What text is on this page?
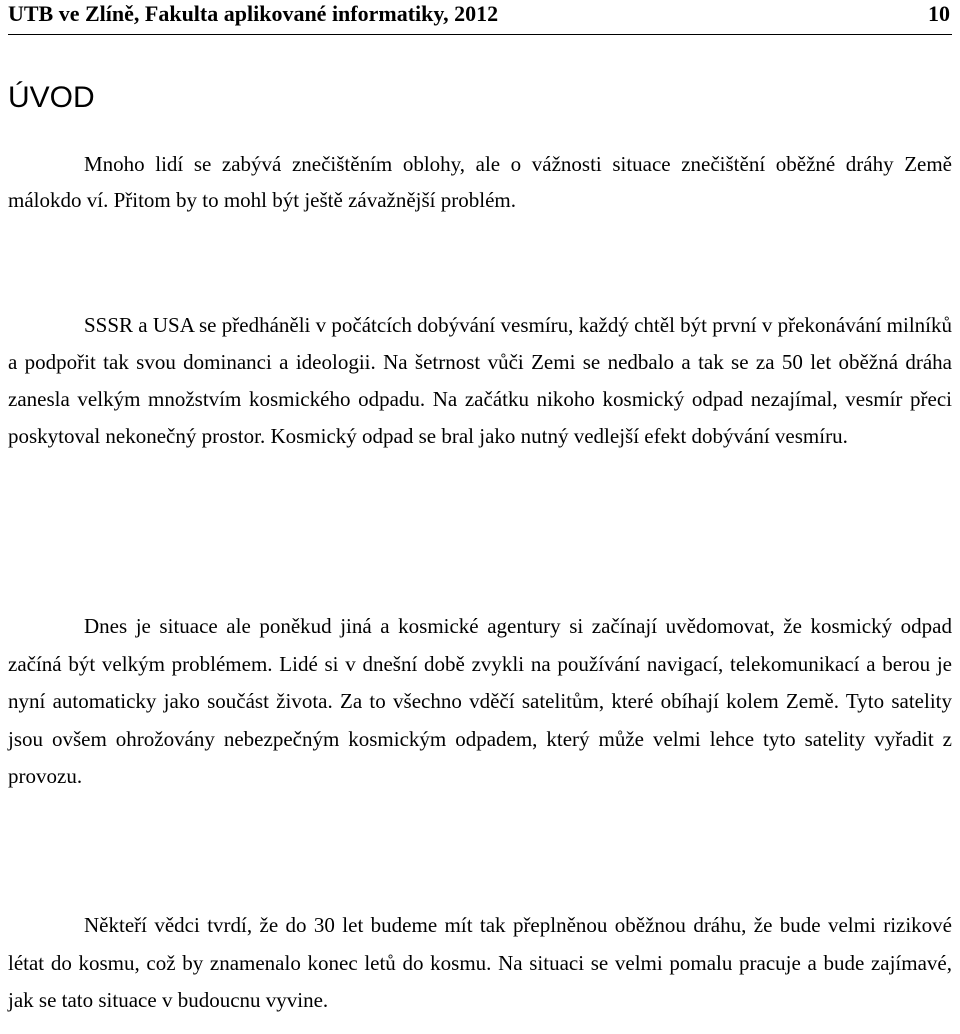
UTB ve Zlíně, Fakulta aplikované informatiky, 2012	10
ÚVOD

Mnoho lidí se zabývá znečištěním oblohy, ale o vážnosti situace znečištění oběžné dráhy Země málokdo ví. Přitom by to mohl být ještě závažnější problém.

SSSR a USA se předháněli v počátcích dobývání vesmíru, každý chtěl být první v překonávání milníků a podpořit tak svou dominanci a ideologii. Na šetrnost vůči Zemi se nedbalo a tak se za 50 let oběžná dráha zanesla velkým množstvím kosmického odpadu. Na začátku nikoho kosmický odpad nezajímal, vesmír přeci poskytoval nekonečný prostor. Kosmický odpad se bral jako nutný vedlejší efekt dobývání vesmíru.

Dnes je situace ale poněkud jiná a kosmické agentury si začínají uvědomovat, že kosmický odpad začíná být velkým problémem. Lidé si v dnešní době zvykli na používání navigací, telekomunikací a berou je nyní automaticky jako součást života. Za to všechno vděčí satelitům, které obíhají kolem Země. Tyto satelity jsou ovšem ohrožovány nebezpečným kosmickým odpadem, který může velmi lehce tyto satelity vyřadit z provozu.

Někteří vědci tvrdí, že do 30 let budeme mít tak přeplněnou oběžnou dráhu, že bude velmi rizikové létat do kosmu, což by znamenalo konec letů do kosmu. Na situaci se velmi pomalu pracuje a bude zajímavé, jak se tato situace v budoucnu vyvine.
